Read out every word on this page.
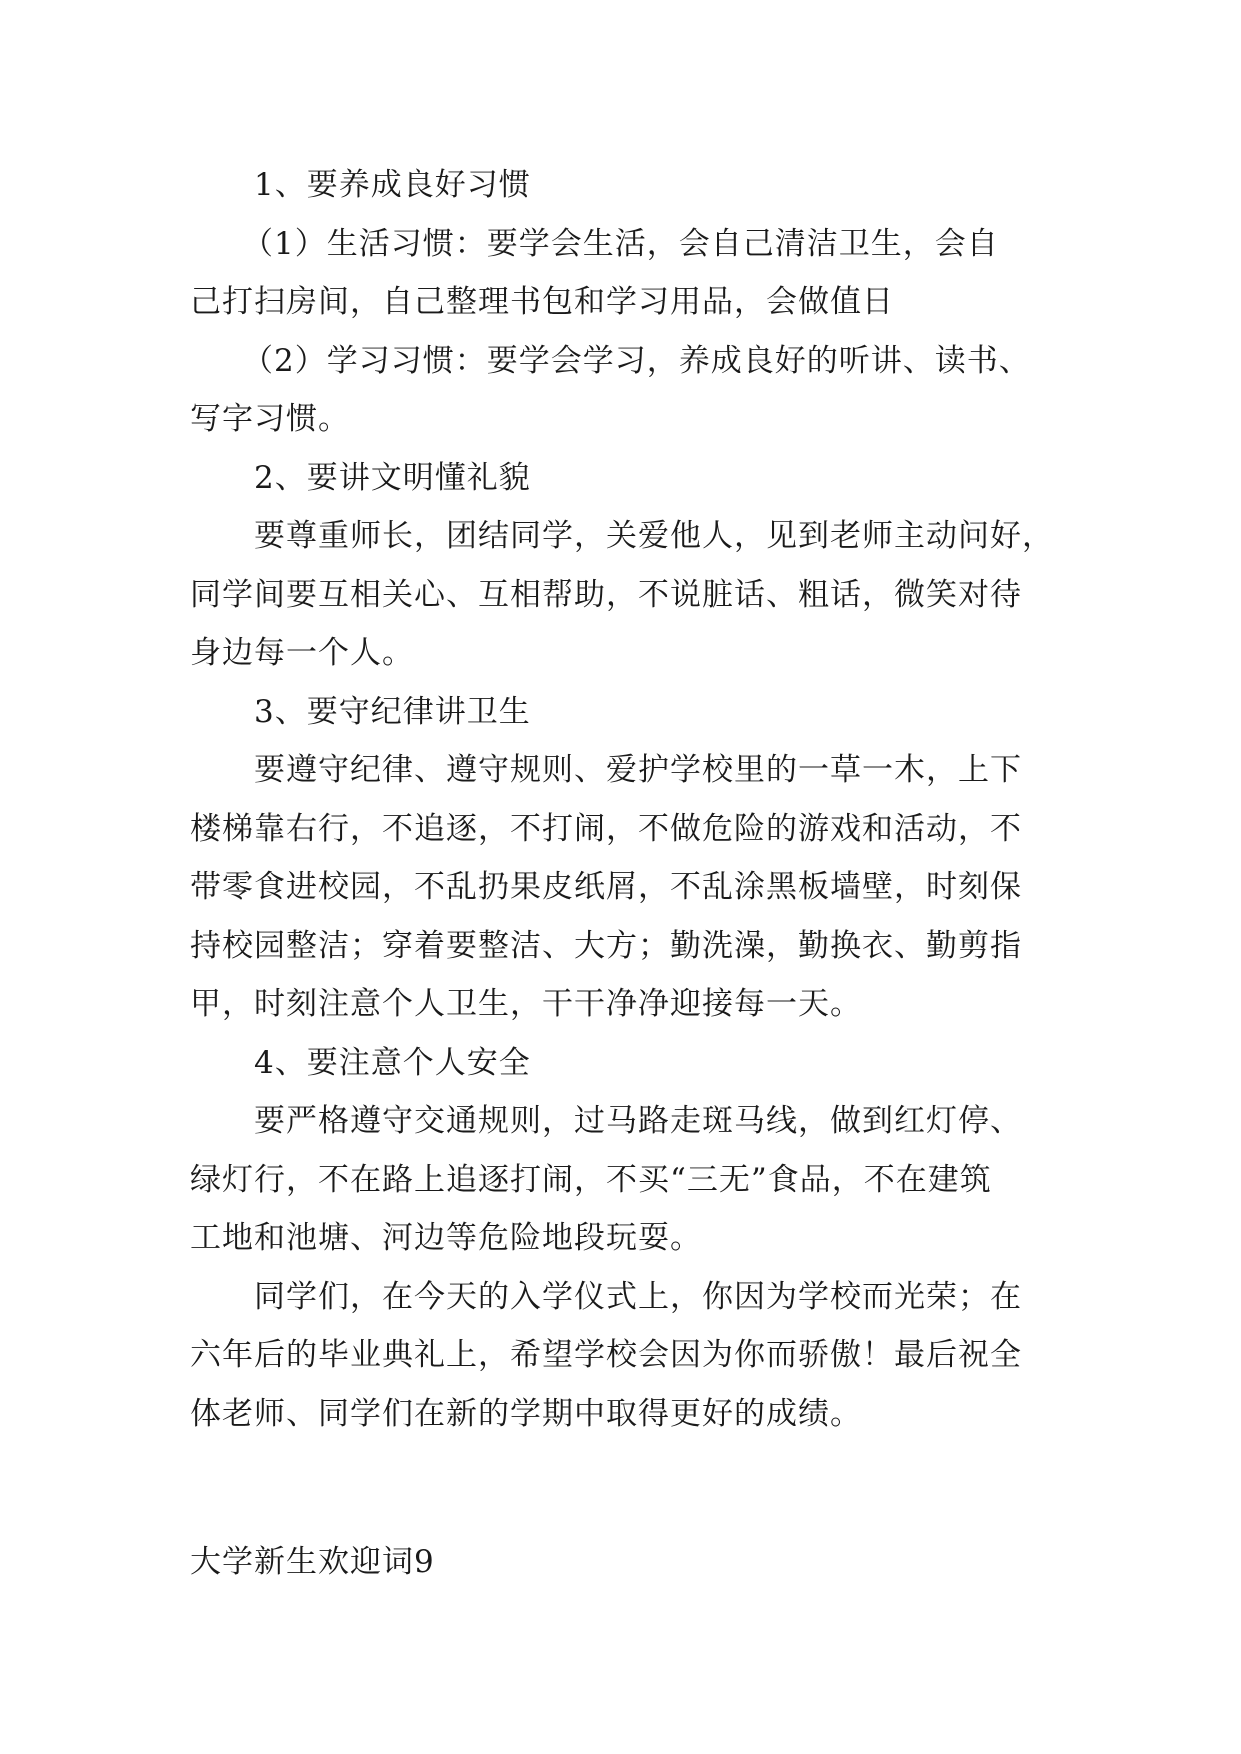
1、要养成良好习惯

（1）生活习惯：要学会生活，会自己清洁卫生，会自

己打扫房间，自己整理书包和学习用品，会做值日

（2）学习习惯：要学会学习，养成良好的听讲、读书、

写字习惯。

2、要讲文明懂礼貌

要尊重师长，团结同学，关爱他人，见到老师主动问好，

同学间要互相关心、互相帮助，不说脏话、粗话，微笑对待

身边每一个人。

3、要守纪律讲卫生

要遵守纪律、遵守规则、爱护学校里的一草一木，上下

楼梯靠右行，不追逐，不打闹，不做危险的游戏和活动，不

带零食进校园，不乱扔果皮纸屑，不乱涂黑板墙壁，时刻保

持校园整洁；穿着要整洁、大方；勤洗澡，勤换衣、勤剪指

甲，时刻注意个人卫生，干干净净迎接每一天。

4、要注意个人安全

要严格遵守交通规则，过马路走斑马线，做到红灯停、

绿灯行，不在路上追逐打闹，不买“三无”食品，不在建筑

工地和池塘、河边等危险地段玩耍。

同学们，在今天的入学仪式上，你因为学校而光荣；在

六年后的毕业典礼上，希望学校会因为你而骄傲！最后祝全

体老师、同学们在新的学期中取得更好的成绩。

大学新生欢迎词9
